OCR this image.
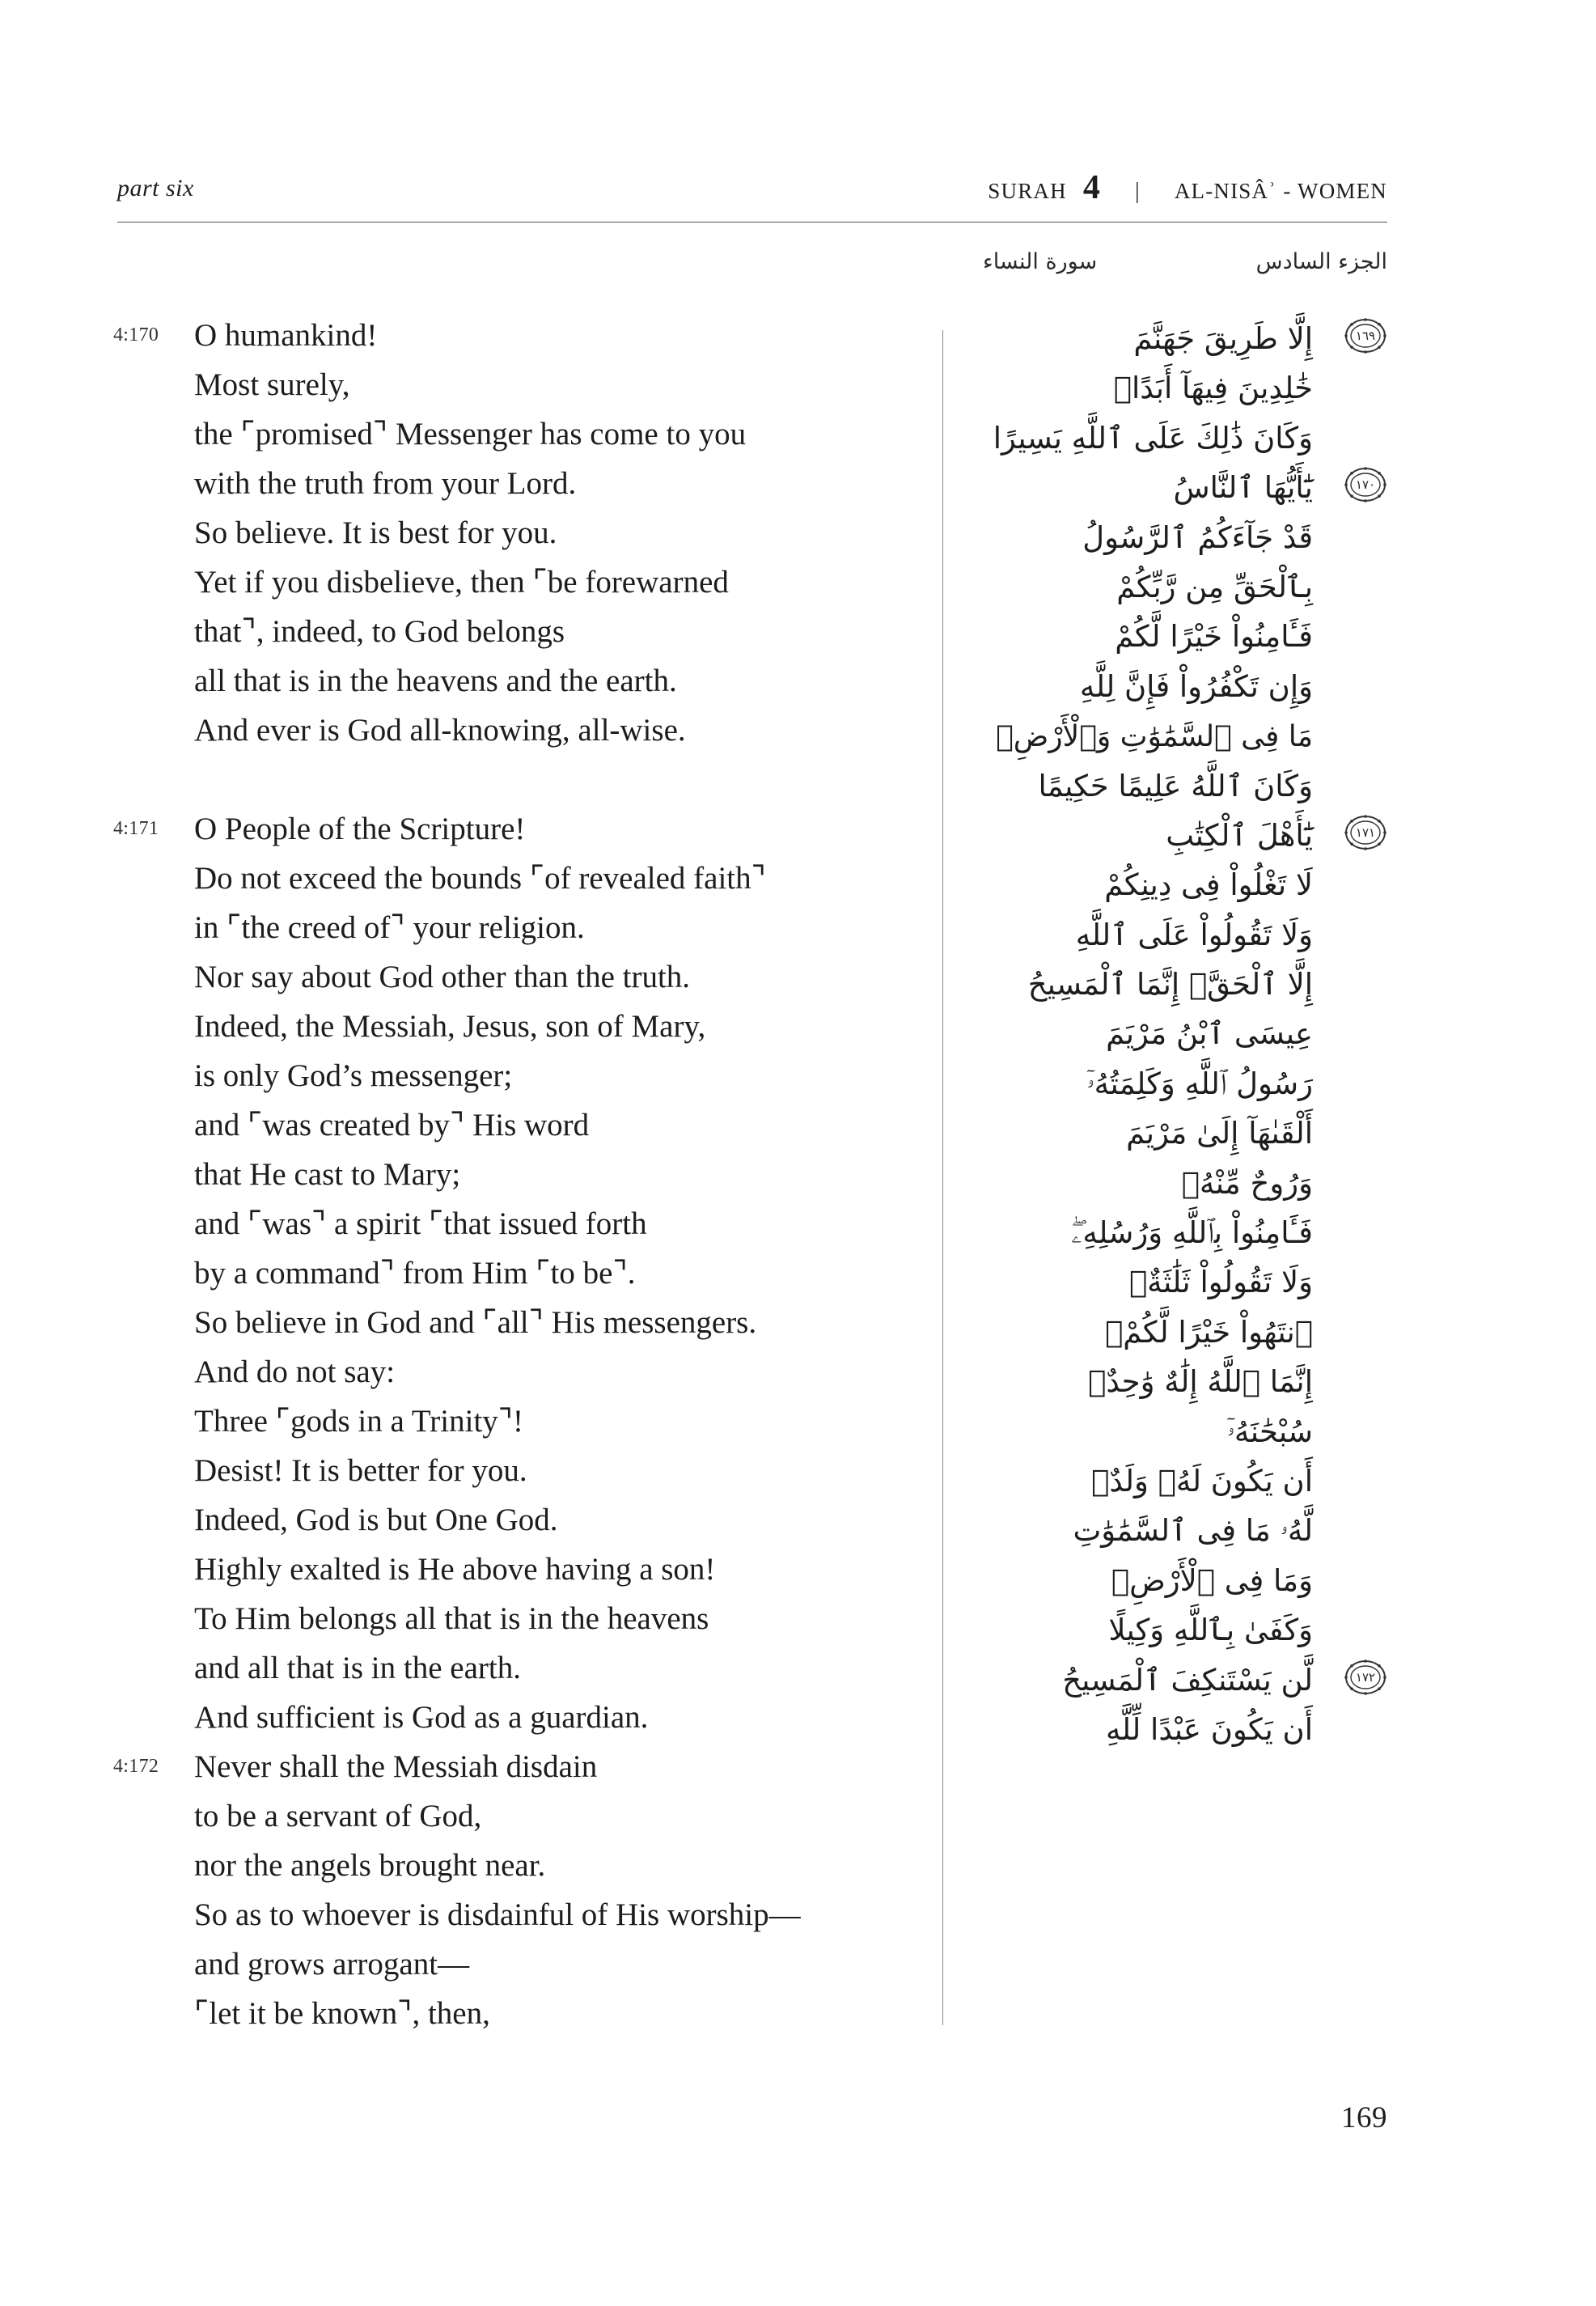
part six	SURAH 4 | AL-NISÂʾ - WOMEN
الجزء السادس
سورة النساء
4:170 O humankind!
Most surely,
the ⌜promised⌝ Messenger has come to you
with the truth from your Lord.
So believe. It is best for you.
Yet if you disbelieve, then ⌜be forewarned
that⌝, indeed, to God belongs
all that is in the heavens and the earth.
And ever is God all-knowing, all-wise.
4:171 O People of the Scripture!
Do not exceed the bounds ⌜of revealed faith⌝
in ⌜the creed of⌝ your religion.
Nor say about God other than the truth.
Indeed, the Messiah, Jesus, son of Mary,
is only God’s messenger;
and ⌜was created by⌝ His word
that He cast to Mary;
and ⌜was⌝ a spirit ⌜that issued forth
by a command⌝ from Him ⌜to be⌝.
So believe in God and ⌜all⌝ His messengers.
And do not say:
Three ⌜gods in a Trinity⌝!
Desist! It is better for you.
Indeed, God is but One God.
Highly exalted is He above having a son!
To Him belongs all that is in the heavens
and all that is in the earth.
And sufficient is God as a guardian.
4:172 Never shall the Messiah disdain
to be a servant of God,
nor the angels brought near.
So as to whoever is disdainful of His worship—
and grows arrogant—
⌜let it be known⌝, then,
١٦٩
إِلَّا طَرِيقَ جَهَنَّمَ
خَٰلِدِينَ فِيهَآ أَبَدًاۚ
وَكَانَ ذَٰلِكَ عَلَى ٱللَّهِ يَسِيرًا
١٧٠
يَٰٓأَيُّهَا ٱلنَّاسُ
قَدْ جَآءَكُمُ ٱلرَّسُولُ
بِٱلْحَقِّ مِن رَّبِّكُمْ
فَـَٔامِنُواْ خَيْرًا لَّكُمْ
وَإِن تَكْفُرُواْ فَإِنَّ لِلَّهِ
مَا فِى ٱلسَّمَٰوَٰتِ وَٱلْأَرْضِۚ
وَكَانَ ٱللَّهُ عَلِيمًا حَكِيمًا
١٧١
يَٰٓأَهْلَ ٱلْكِتَٰبِ
لَا تَغْلُواْ فِى دِينِكُمْ
وَلَا تَقُولُواْ عَلَى ٱللَّهِ
إِلَّا ٱلْحَقَّۚ إِنَّمَا ٱلْمَسِيحُ
عِيسَى ٱبْنُ مَرْيَمَ
رَسُولُ ٱللَّهِ وَكَلِمَتُهُۥٓ
أَلْقَىٰهَآ إِلَىٰ مَرْيَمَ
وَرُوحٌ مِّنْهُۖ
فَـَٔامِنُواْ بِٱللَّهِ وَرُسُلِهِۦۖ
وَلَا تَقُولُواْ ثَلَٰثَةٌۚ
ٱنتَهُواْ خَيْرًا لَّكُمْۚ
إِنَّمَا ٱللَّهُ إِلَٰهٌ وَٰحِدٌۖ
سُبْحَٰنَهُۥٓ
أَن يَكُونَ لَهُۥ وَلَدٌۘ
لَّهُۥ مَا فِى ٱلسَّمَٰوَٰتِ
وَمَا فِى ٱلْأَرْضِۗ
وَكَفَىٰ بِٱللَّهِ وَكِيلًا
١٧٢
لَّن يَسْتَنكِفَ ٱلْمَسِيحُ
أَن يَكُونَ عَبْدًا لِّلَّهِ
169
